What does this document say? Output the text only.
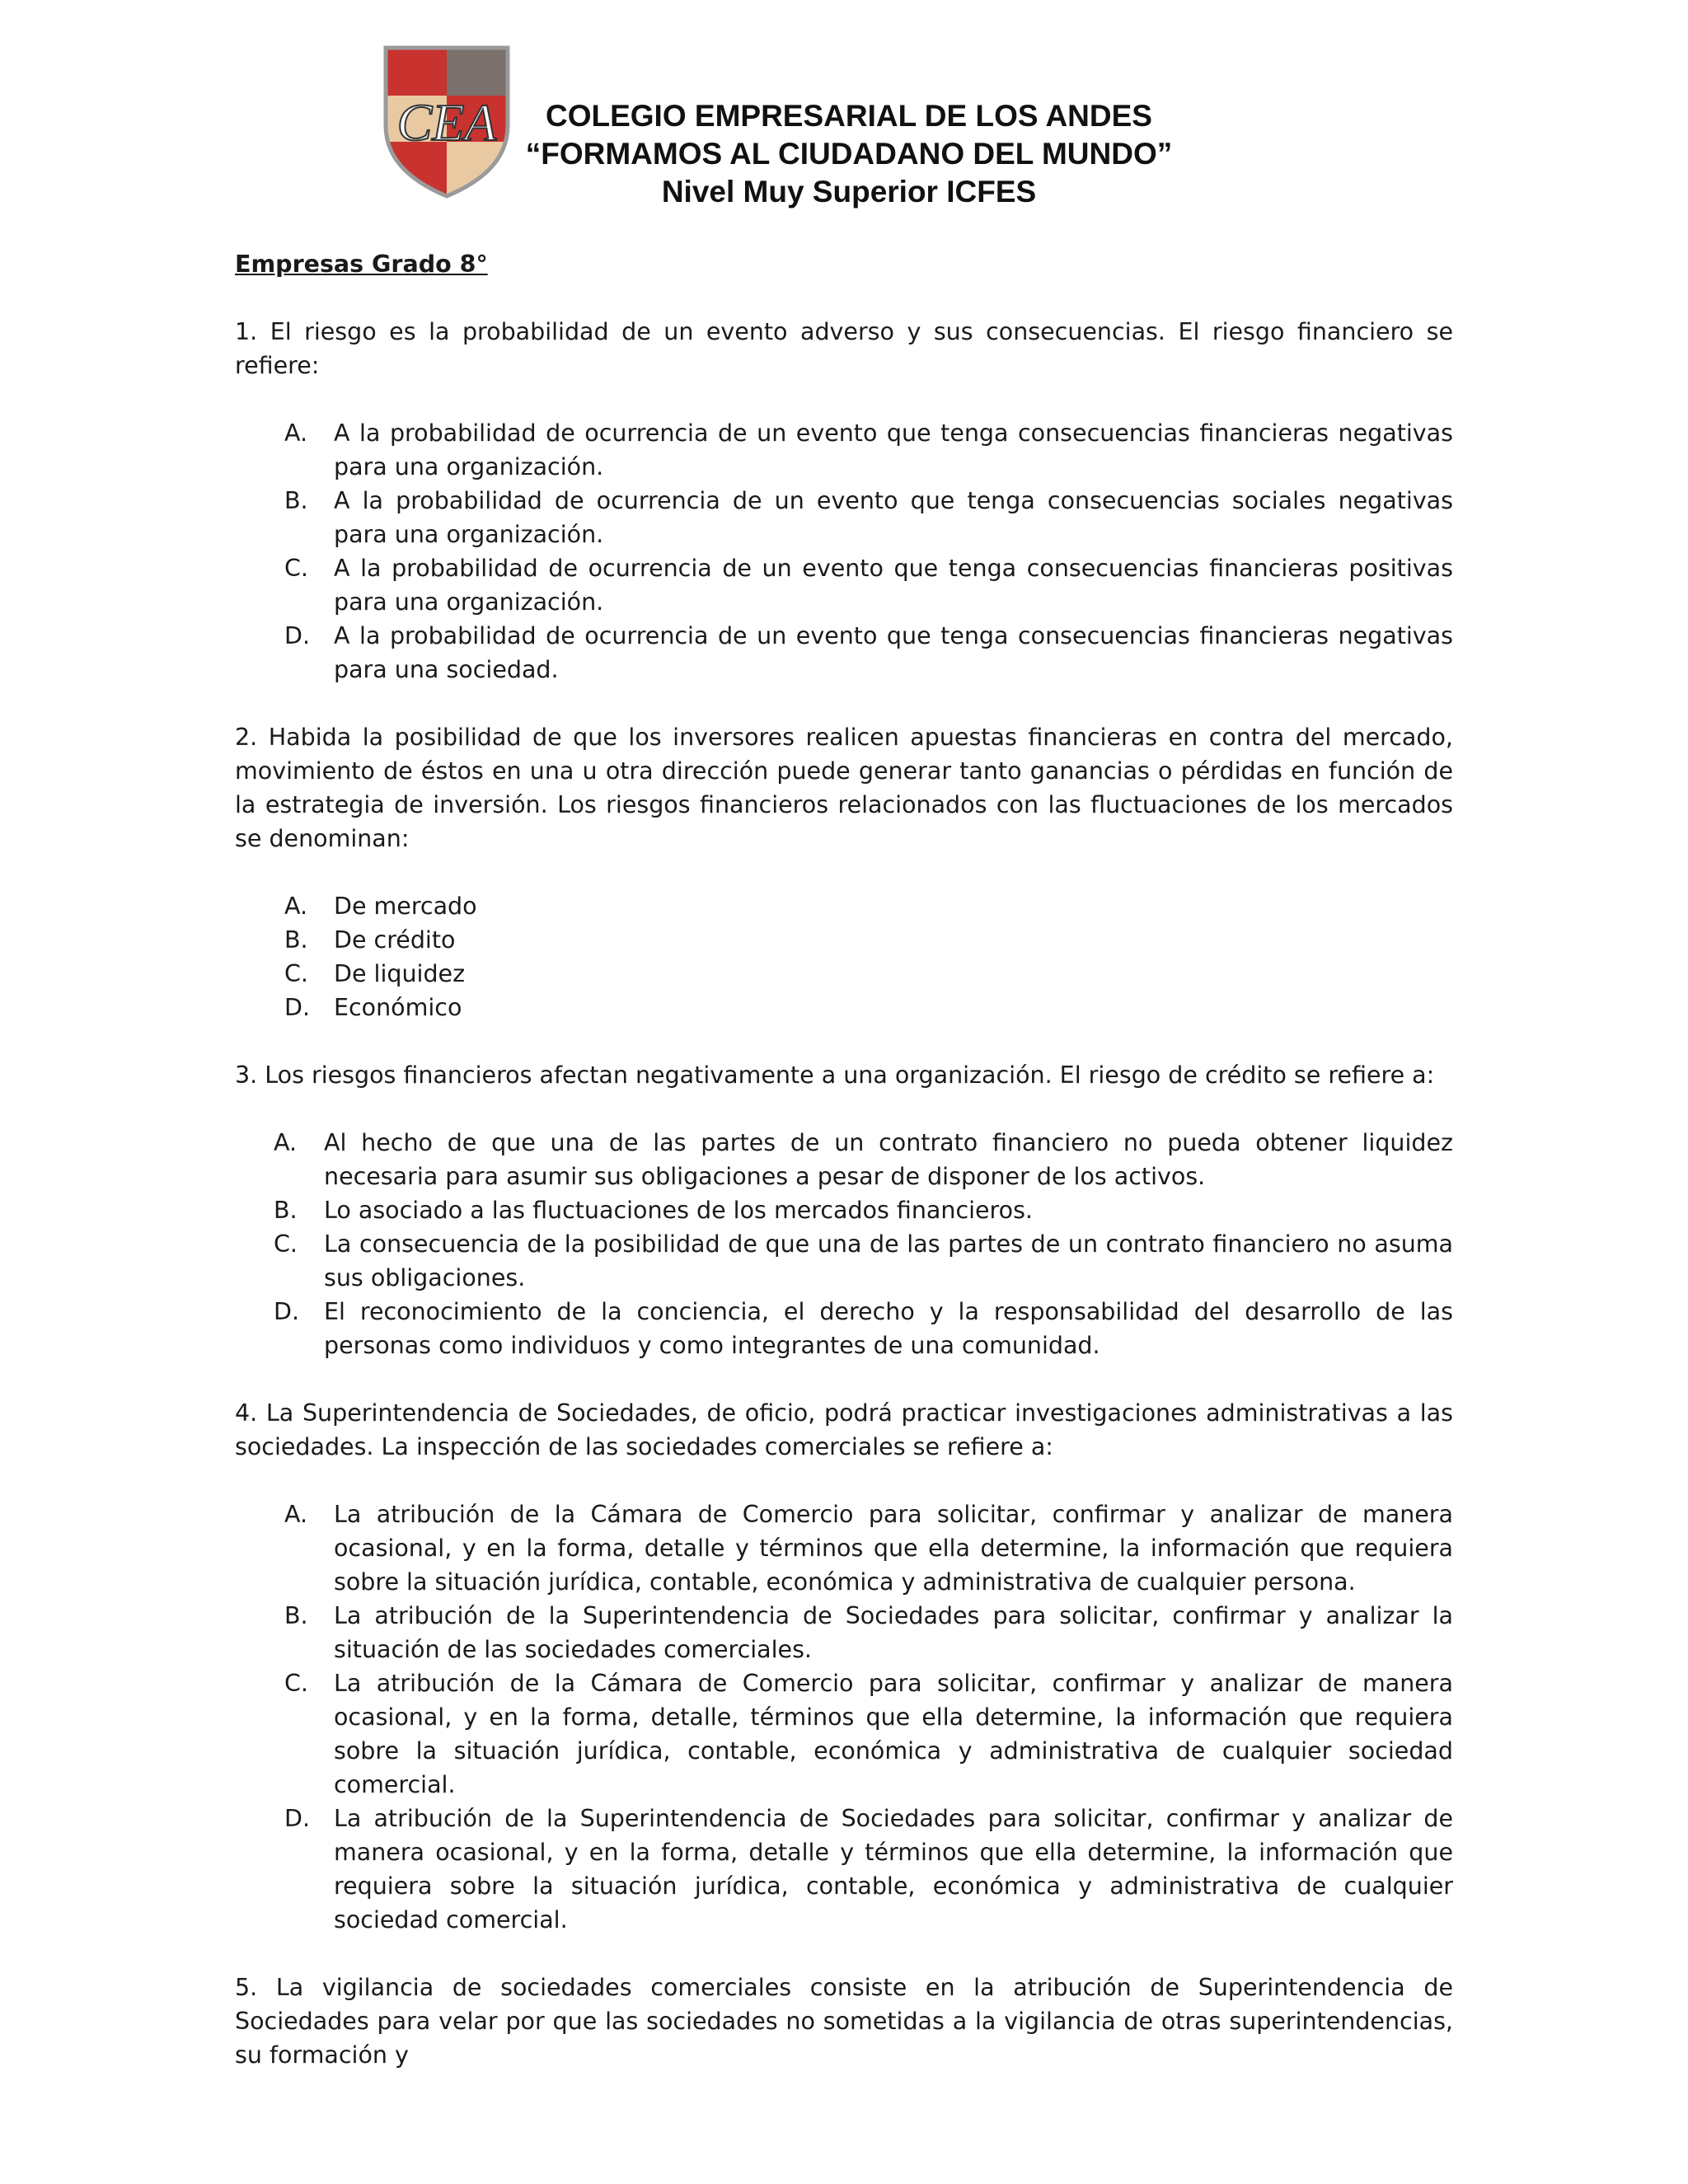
CEA	COLEGIO EMPRESARIAL DE LOS ANDES
“FORMAMOS AL CIUDADANO DEL MUNDO”
Nivel Muy Superior ICFES
Empresas Grado 8°
1. El riesgo es la probabilidad de un evento adverso y sus consecuencias. El riesgo financiero se refiere:
A.	A la probabilidad de ocurrencia de un evento que tenga consecuencias financieras negativas para una organización.
B.	A la probabilidad de ocurrencia de un evento que tenga consecuencias sociales negativas para una organización.
C.	A la probabilidad de ocurrencia de un evento que tenga consecuencias financieras positivas para una organización.
D.	A la probabilidad de ocurrencia de un evento que tenga consecuencias financieras negativas para una sociedad.
2. Habida la posibilidad de que los inversores realicen apuestas financieras en contra del mercado, movimiento de éstos en una u otra dirección puede generar tanto ganancias o pérdidas en función de la estrategia de inversión. Los riesgos financieros relacionados con las fluctuaciones de los mercados se denominan:
A.	De mercado
B.	De crédito
C.	De liquidez
D.	Económico
3. Los riesgos financieros afectan negativamente a una organización. El riesgo de crédito se refiere a:
A.	Al hecho de que una de las partes de un contrato financiero no pueda obtener liquidez necesaria para asumir sus obligaciones a pesar de disponer de los activos.
B.	Lo asociado a las fluctuaciones de los mercados financieros.
C.	La consecuencia de la posibilidad de que una de las partes de un contrato financiero no asuma sus obligaciones.
D.	El reconocimiento de la conciencia, el derecho y la responsabilidad del desarrollo de las personas como individuos y como integrantes de una comunidad.
4. La Superintendencia de Sociedades, de oficio, podrá practicar investigaciones administrativas a las sociedades. La inspección de las sociedades comerciales se refiere a:
A.	La atribución de la Cámara de Comercio para solicitar, confirmar y analizar de manera ocasional, y en la forma, detalle y términos que ella determine, la información que requiera sobre la situación jurídica, contable, económica y administrativa de cualquier persona.
B.	La atribución de la Superintendencia de Sociedades para solicitar, confirmar y analizar la situación de las sociedades comerciales.
C.	La atribución de la Cámara de Comercio para solicitar, confirmar y analizar de manera ocasional, y en la forma, detalle, términos que ella determine, la información que requiera sobre la situación jurídica, contable, económica y administrativa de cualquier sociedad comercial.
D.	La atribución de la Superintendencia de Sociedades para solicitar, confirmar y analizar de manera ocasional, y en la forma, detalle y términos que ella determine, la información que requiera sobre la situación jurídica, contable, económica y administrativa de cualquier sociedad comercial.
5. La vigilancia de sociedades comerciales consiste en la atribución de Superintendencia de Sociedades para velar por que las sociedades no sometidas a la vigilancia de otras superintendencias, su formación y
